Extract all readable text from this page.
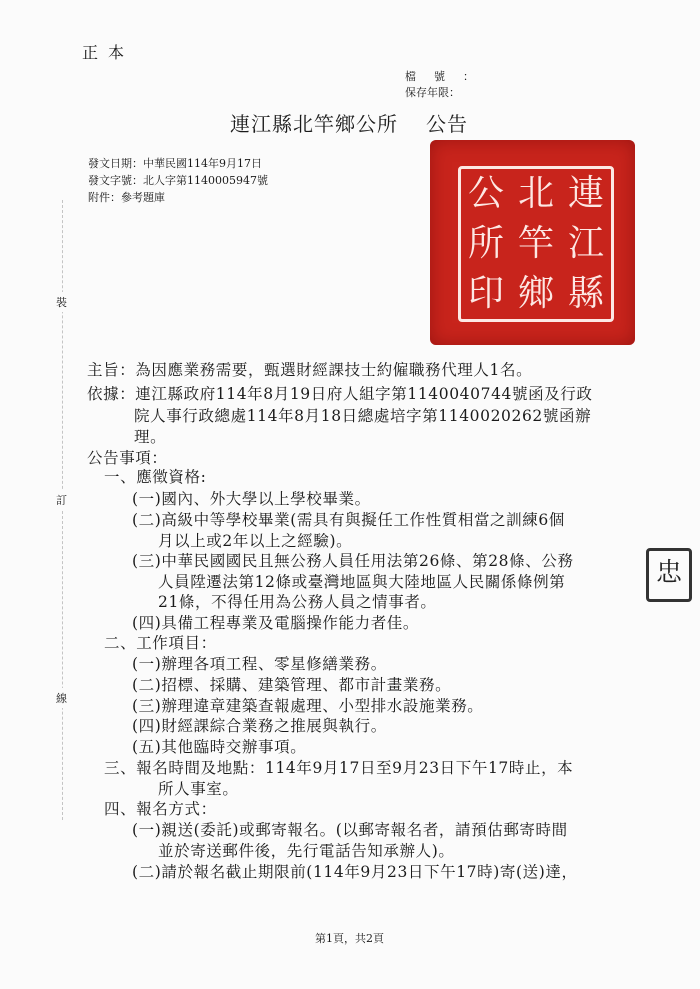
正本
檔號：
保存年限：
連江縣北竿鄉公所 公告
發文日期：中華民國114年9月17日
發文字號：北人字第1140005947號
附件：參考題庫	連
北
公
江
竿
所
縣
鄉
印
忠
裝
訂
線
主旨：為因應業務需要，甄選財經課技士約僱職務代理人1名。
依據：連江縣政府114年8月19日府人組字第1140040744號函及行政
院人事行政總處114年8月18日總處培字第1140020262號函辦
理。
公告事項：
一、應徵資格:
(一)國內、外大學以上學校畢業。
(二)高級中等學校畢業(需具有與擬任工作性質相當之訓練6個
月以上或2年以上之經驗)。
(三)中華民國國民且無公務人員任用法第26條、第28條、公務
人員陞遷法第12條或臺灣地區與大陸地區人民關係條例第
21條，不得任用為公務人員之情事者。
(四)具備工程專業及電腦操作能力者佳。
二、工作項目：
(一)辦理各項工程、零星修繕業務。
(二)招標、採購、建築管理、都市計畫業務。
(三)辦理違章建築查報處理、小型排水設施業務。
(四)財經課綜合業務之推展與執行。
(五)其他臨時交辦事項。
三、報名時間及地點：114年9月17日至9月23日下午17時止，本
所人事室。
四、報名方式：
(一)親送(委託)或郵寄報名。(以郵寄報名者，請預估郵寄時間
並於寄送郵件後，先行電話告知承辦人)。
(二)請於報名截止期限前(114年9月23日下午17時)寄(送)達，
第1頁，共2頁
